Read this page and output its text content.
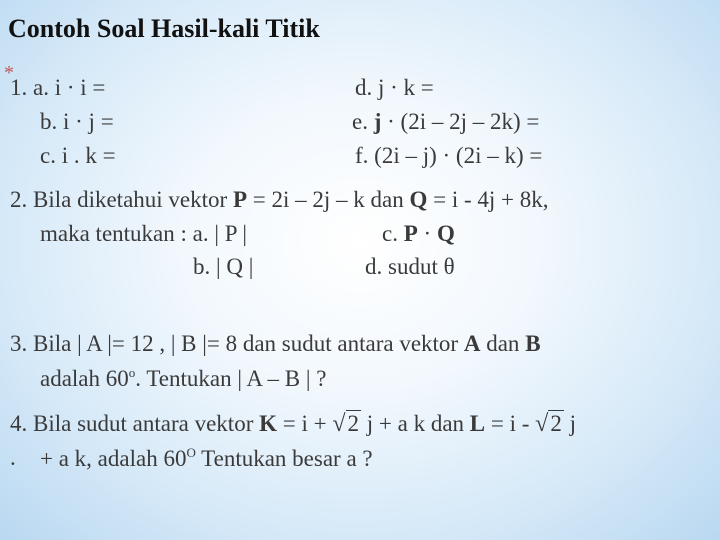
Contoh Soal Hasil-kali Titik
*
1. a. i · i =
b. i · j =
c. i . k =
d. j · k =
e. j · (2i – 2j – 2k) =
f. (2i – j) · (2i – k) =
2. Bila diketahui vektor P = 2i – 2j – k dan Q = i - 4j + 8k,
maka tentukan : a. | P |	c. P · Q
b. | Q |	d. sudut θ
3. Bila | A |= 12 , | B |= 8 dan sudut antara vektor A dan B
adalah 60$^o$. Tentukan | A – B | ?
4. Bila sudut antara vektor K = i + √2 j + a k dan L = i - √2 j
. + a k, adalah $60^O$ Tentukan besar a ?
